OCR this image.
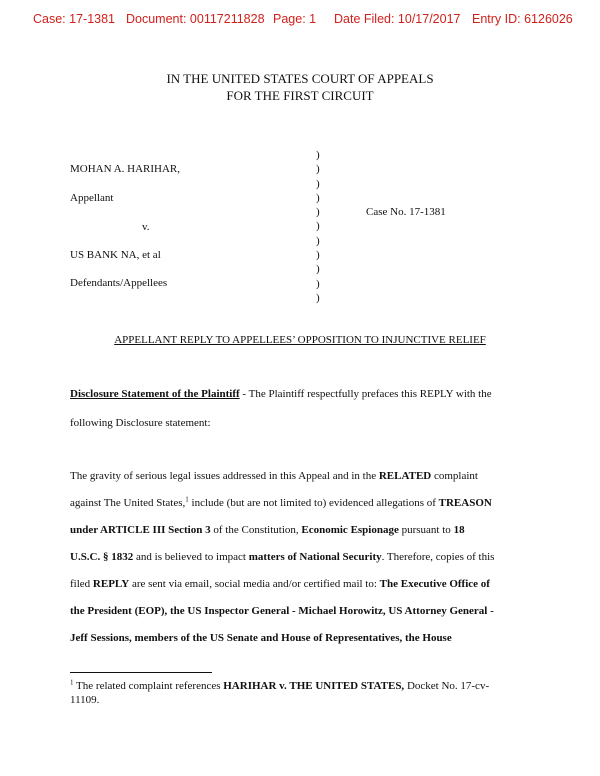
Case: 17-1381 Document: 00117211828 Page: 1 Date Filed: 10/17/2017 Entry ID: 6126026
IN THE UNITED STATES COURT OF APPEALS
FOR THE FIRST CIRCUIT
MOHAN A. HARIHAR,
Appellant
v.
US BANK NA, et al
Defendants/Appellees
Case No. 17-1381
)
)
)
)
)
)
)
)
)
)
)
APPELLANT REPLY TO APPELLEES’ OPPOSITION TO INJUNCTIVE RELIEF
Disclosure Statement of the Plaintiff - The Plaintiff respectfully prefaces this REPLY with the
following Disclosure statement:
The gravity of serious legal issues addressed in this Appeal and in the RELATED complaint
against The United States,$^1$ include (but are not limited to) evidenced allegations of TREASON
under ARTICLE III Section 3 of the Constitution, Economic Espionage pursuant to 18
U.S.C. § 1832 and is believed to impact matters of National Security. Therefore, copies of this
filed REPLY are sent via email, social media and/or certified mail to: The Executive Office of
the President (EOP), the US Inspector General - Michael Horowitz, US Attorney General -
Jeff Sessions, members of the US Senate and House of Representatives, the House
$^1$ The related complaint references HARIHAR v. THE UNITED STATES, Docket No. 17-cv-
11109.
